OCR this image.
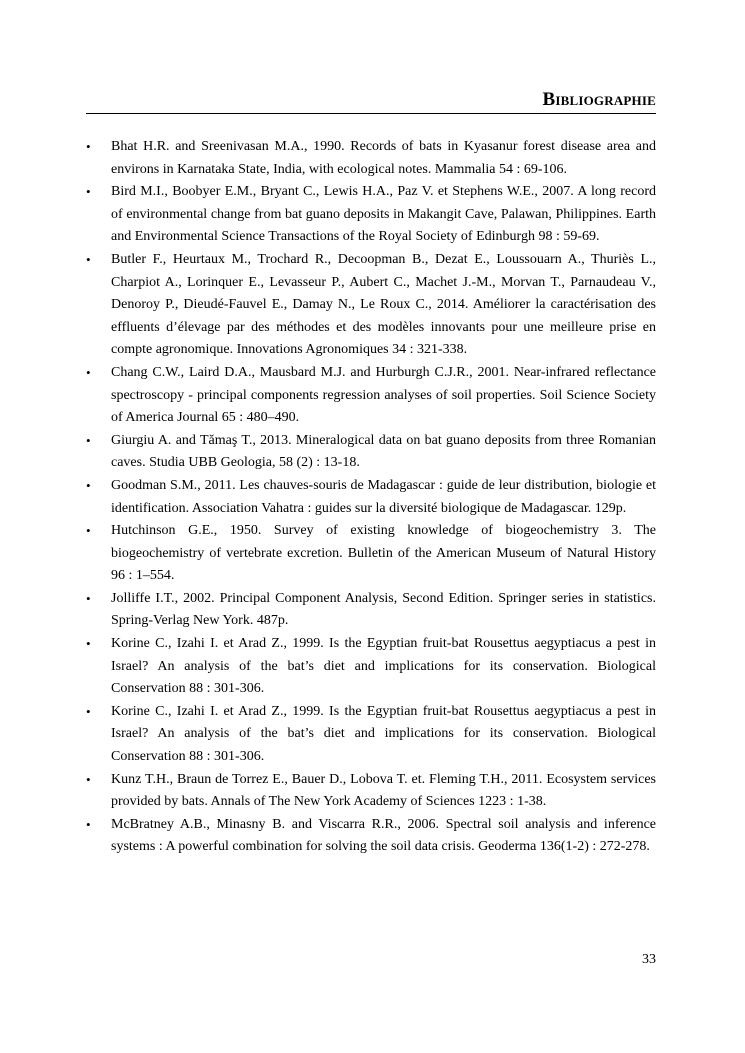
Bibliographie
•	Bhat H.R. and Sreenivasan M.A., 1990. Records of bats in Kyasanur forest disease area and environs in Karnataka State, India, with ecological notes. Mammalia 54 : 69-106.
•	Bird M.I., Boobyer E.M., Bryant C., Lewis H.A., Paz V. et Stephens W.E., 2007. A long record of environmental change from bat guano deposits in Makangit Cave, Palawan, Philippines. Earth and Environmental Science Transactions of the Royal Society of Edinburgh 98 : 59-69.
•	Butler F., Heurtaux M., Trochard R., Decoopman B., Dezat E., Loussouarn A., Thuriès L., Charpiot A., Lorinquer E., Levasseur P., Aubert C., Machet J.-M., Morvan T., Parnaudeau V., Denoroy P., Dieudé-Fauvel E., Damay N., Le Roux C., 2014. Améliorer la caractérisation des effluents d’élevage par des méthodes et des modèles innovants pour une meilleure prise en compte agronomique. Innovations Agronomiques 34 : 321-338.
•	Chang C.W., Laird D.A., Mausbard M.J. and Hurburgh C.J.R., 2001. Near-infrared reflectance spectroscopy - principal components regression analyses of soil properties. Soil Science Society of America Journal 65 : 480–490.
•	Giurgiu A. and Tămaş T., 2013. Mineralogical data on bat guano deposits from three Romanian caves. Studia UBB Geologia, 58 (2) : 13-18.
•	Goodman S.M., 2011. Les chauves-souris de Madagascar : guide de leur distribution, biologie et identification. Association Vahatra : guides sur la diversité biologique de Madagascar. 129p.
•	Hutchinson G.E., 1950. Survey of existing knowledge of biogeochemistry 3. The biogeochemistry of vertebrate excretion. Bulletin of the American Museum of Natural History 96 : 1–554.
•	Jolliffe I.T., 2002. Principal Component Analysis, Second Edition. Springer series in statistics. Spring-Verlag New York. 487p.
•	Korine C., Izahi I. et Arad Z., 1999. Is the Egyptian fruit-bat Rousettus aegyptiacus a pest in Israel? An analysis of the bat’s diet and implications for its conservation. Biological Conservation 88 : 301-306.
•	Korine C., Izahi I. et Arad Z., 1999. Is the Egyptian fruit-bat Rousettus aegyptiacus a pest in Israel? An analysis of the bat’s diet and implications for its conservation. Biological Conservation 88 : 301-306.
•	Kunz T.H., Braun de Torrez E., Bauer D., Lobova T. et. Fleming T.H., 2011. Ecosystem services provided by bats. Annals of The New York Academy of Sciences 1223 : 1-38.
•	McBratney A.B., Minasny B. and Viscarra R.R., 2006. Spectral soil analysis and inference systems : A powerful combination for solving the soil data crisis. Geoderma 136(1-2) : 272-278.
33
